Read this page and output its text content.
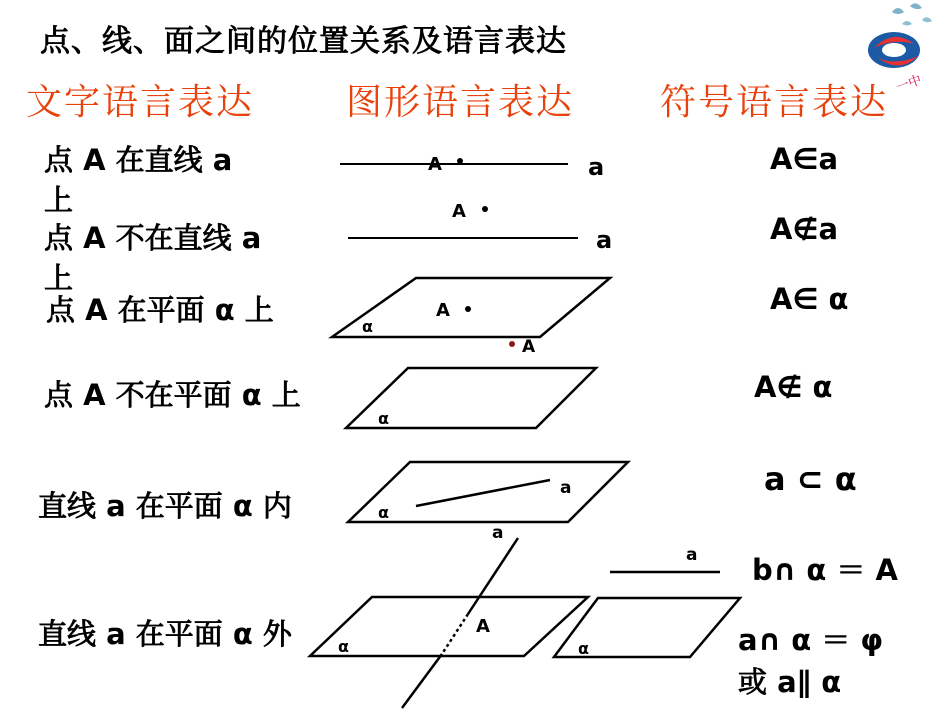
一中
点、线、面之间的位置关系及语言表达
文字语言表达	图形语言表达 符号语言表达
点 A 在直线 a 上
点 A 不在直线 a 上
点 A 在平面 α 上
点 A 不在平面 α 上
直线 a 在平面 α 内
直线 a 在平面 α 外
A∈a
A∉a
A∈ α
A∉ α
a ⊂ α
b∩ α ＝ A
a∩ α ＝ φ
或 a∥ α
A	a
A
a
A
α
A
α
a
α
a
A
α
a
α
